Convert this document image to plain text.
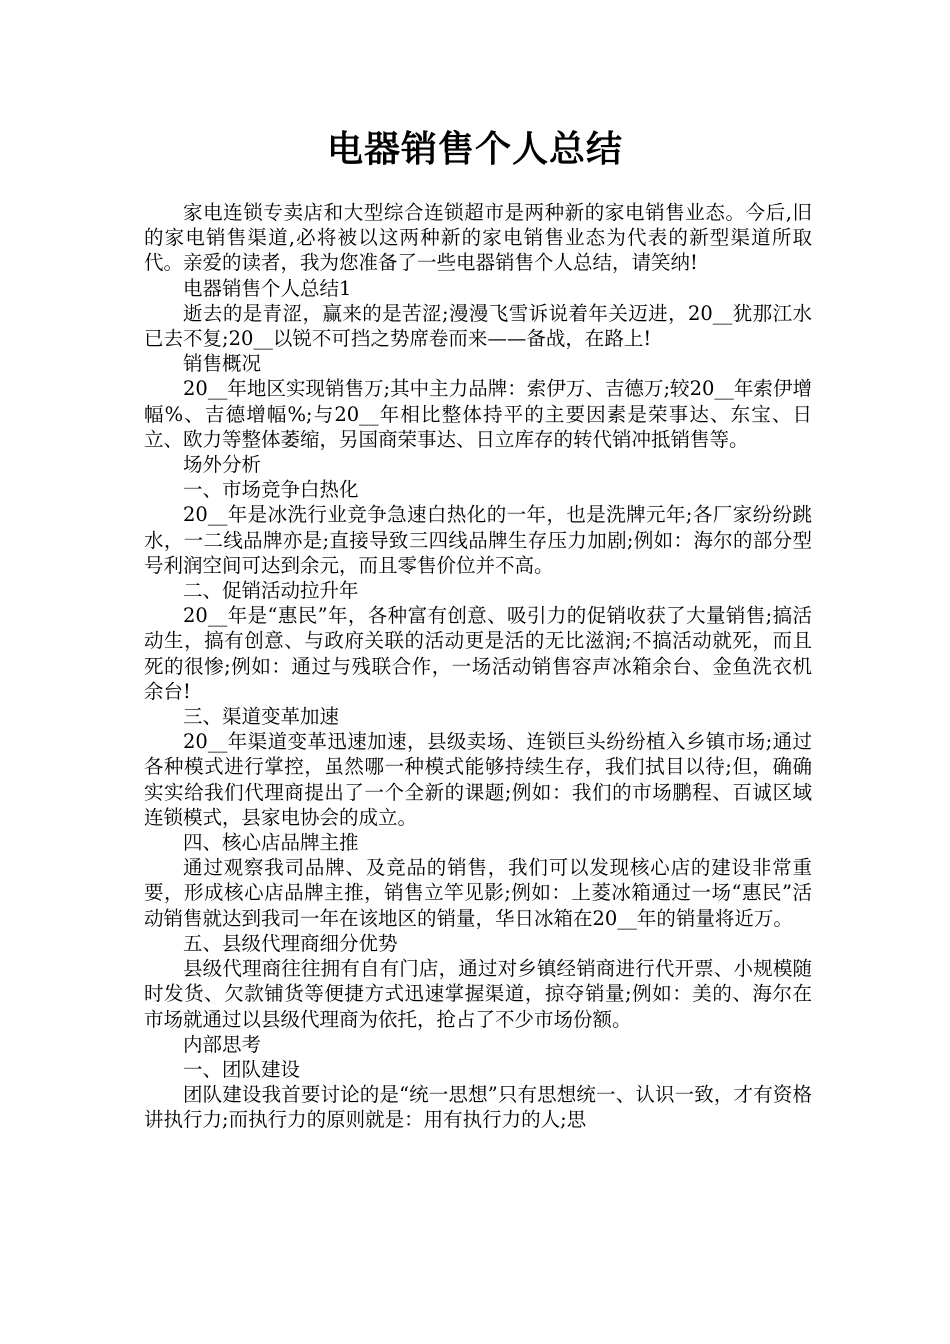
电器销售个人总结

家电连锁专卖店和大型综合连锁超市是两种新的家电销售业态。今后,旧的家电销售渠道,必将被以这两种新的家电销售业态为代表的新型渠道所取代。亲爱的读者，我为您准备了一些电器销售个人总结，请笑纳!

电器销售个人总结1

逝去的是青涩，赢来的是苦涩;漫漫飞雪诉说着年关迈进，20__犹那江水已去不复;20__以锐不可挡之势席卷而来——备战，在路上!

销售概况

20__年地区实现销售万;其中主力品牌：索伊万、吉德万;较20__年索伊增幅%、吉德增幅%;与20__年相比整体持平的主要因素是荣事达、东宝、日立、欧力等整体萎缩，另国商荣事达、日立库存的转代销冲抵销售等。

场外分析

一、市场竞争白热化

20__年是冰洗行业竞争急速白热化的一年，也是洗牌元年;各厂家纷纷跳水，一二线品牌亦是;直接导致三四线品牌生存压力加剧;例如：海尔的部分型号利润空间可达到余元，而且零售价位并不高。

二、促销活动拉升年

20__年是“惠民”年，各种富有创意、吸引力的促销收获了大量销售;搞活动生，搞有创意、与政府关联的活动更是活的无比滋润;不搞活动就死，而且死的很惨;例如：通过与残联合作，一场活动销售容声冰箱余台、金鱼洗衣机余台!

三、渠道变革加速

20__年渠道变革迅速加速，县级卖场、连锁巨头纷纷植入乡镇市场;通过各种模式进行掌控，虽然哪一种模式能够持续生存，我们拭目以待;但，确确实实给我们代理商提出了一个全新的课题;例如：我们的市场鹏程、百诚区域连锁模式，县家电协会的成立。

四、核心店品牌主推

通过观察我司品牌、及竞品的销售，我们可以发现核心店的建设非常重要，形成核心店品牌主推，销售立竿见影;例如：上菱冰箱通过一场“惠民”活动销售就达到我司一年在该地区的销量，华日冰箱在20__年的销量将近万。

五、县级代理商细分优势

县级代理商往往拥有自有门店，通过对乡镇经销商进行代开票、小规模随时发货、欠款铺货等便捷方式迅速掌握渠道，掠夺销量;例如：美的、海尔在市场就通过以县级代理商为依托，抢占了不少市场份额。

内部思考

一、团队建设

团队建设我首要讨论的是“统一思想”只有思想统一、认识一致，才有资格讲执行力;而执行力的原则就是：用有执行力的人;思
